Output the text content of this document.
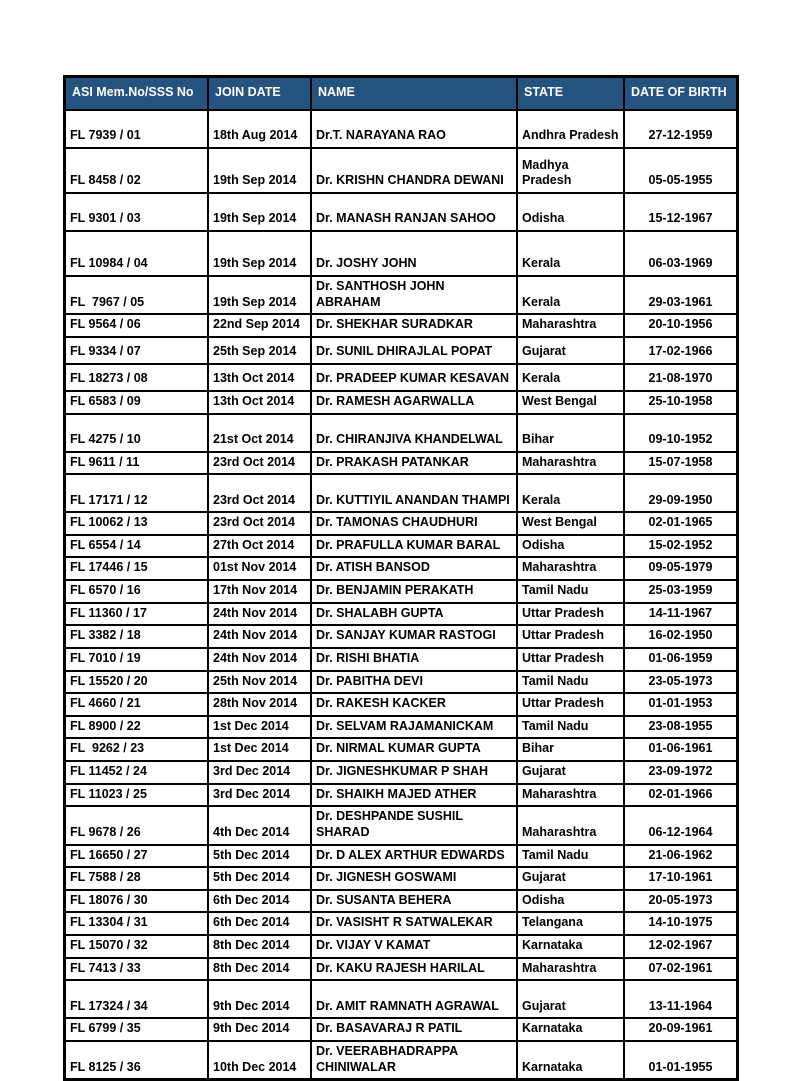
ASI Mem.No/SSS No	JOIN DATE	NAME	STATE	DATE OF BIRTH
FL 7939 / 01	18th Aug 2014	Dr.T. NARAYANA RAO	Andhra Pradesh	27-12-1959
FL 8458 / 02	19th Sep 2014	Dr. KRISHN CHANDRA DEWANI	Madhya Pradesh	05-05-1955
FL 9301 / 03	19th Sep 2014	Dr. MANASH RANJAN SAHOO	Odisha	15-12-1967
FL 10984 / 04	19th Sep 2014	Dr. JOSHY JOHN	Kerala	06-03-1969
FL  7967 / 05	19th Sep 2014	Dr. SANTHOSH JOHN ABRAHAM	Kerala	29-03-1961
FL 9564 / 06	22nd Sep 2014	Dr. SHEKHAR SURADKAR	Maharashtra	20-10-1956
FL 9334 / 07	25th Sep 2014	Dr. SUNIL DHIRAJLAL POPAT	Gujarat	17-02-1966
FL 18273 / 08	13th Oct 2014	Dr. PRADEEP KUMAR KESAVAN	Kerala	21-08-1970
FL 6583 / 09	13th Oct 2014	Dr. RAMESH AGARWALLA	West Bengal	25-10-1958
FL 4275 / 10	21st Oct 2014	Dr. CHIRANJIVA KHANDELWAL	Bihar	09-10-1952
FL 9611 / 11	23rd Oct 2014	Dr. PRAKASH PATANKAR	Maharashtra	15-07-1958
FL 17171 / 12	23rd Oct 2014	Dr. KUTTIYIL ANANDAN THAMPI	Kerala	29-09-1950
FL 10062 / 13	23rd Oct 2014	Dr. TAMONAS CHAUDHURI	West Bengal	02-01-1965
FL 6554 / 14	27th Oct 2014	Dr. PRAFULLA KUMAR BARAL	Odisha	15-02-1952
FL 17446 / 15	01st Nov 2014	Dr. ATISH BANSOD	Maharashtra	09-05-1979
FL 6570 / 16	17th Nov 2014	Dr. BENJAMIN PERAKATH	Tamil Nadu	25-03-1959
FL 11360 / 17	24th Nov 2014	Dr. SHALABH GUPTA	Uttar Pradesh	14-11-1967
FL 3382 / 18	24th Nov 2014	Dr. SANJAY KUMAR RASTOGI	Uttar Pradesh	16-02-1950
FL 7010 / 19	24th Nov 2014	Dr. RISHI BHATIA	Uttar Pradesh	01-06-1959
FL 15520 / 20	25th Nov 2014	Dr. PABITHA DEVI	Tamil Nadu	23-05-1973
FL 4660 / 21	28th Nov 2014	Dr. RAKESH KACKER	Uttar Pradesh	01-01-1953
FL 8900 / 22	1st Dec 2014	Dr. SELVAM RAJAMANICKAM	Tamil Nadu	23-08-1955
FL  9262 / 23	1st Dec 2014	Dr. NIRMAL KUMAR GUPTA	Bihar	01-06-1961
FL 11452 / 24	3rd Dec 2014	Dr. JIGNESHKUMAR P SHAH	Gujarat	23-09-1972
FL 11023 / 25	3rd Dec 2014	Dr. SHAIKH MAJED ATHER	Maharashtra	02-01-1966
FL 9678 / 26	4th Dec 2014	Dr. DESHPANDE SUSHIL SHARAD	Maharashtra	06-12-1964
FL 16650 / 27	5th Dec 2014	Dr. D ALEX ARTHUR EDWARDS	Tamil Nadu	21-06-1962
FL 7588 / 28	5th Dec 2014	Dr. JIGNESH GOSWAMI	Gujarat	17-10-1961
FL 18076 / 30	6th Dec 2014	Dr. SUSANTA BEHERA	Odisha	20-05-1973
FL 13304 / 31	6th Dec 2014	Dr. VASISHT R SATWALEKAR	Telangana	14-10-1975
FL 15070 / 32	8th Dec 2014	Dr. VIJAY V KAMAT	Karnataka	12-02-1967
FL 7413 / 33	8th Dec 2014	Dr. KAKU RAJESH HARILAL	Maharashtra	07-02-1961
FL 17324 / 34	9th Dec 2014	Dr. AMIT RAMNATH AGRAWAL	Gujarat	13-11-1964
FL 6799 / 35	9th Dec 2014	Dr. BASAVARAJ R PATIL	Karnataka	20-09-1961
FL 8125 / 36	10th Dec 2014	Dr. VEERABHADRAPPA CHINIWALAR	Karnataka	01-01-1955
